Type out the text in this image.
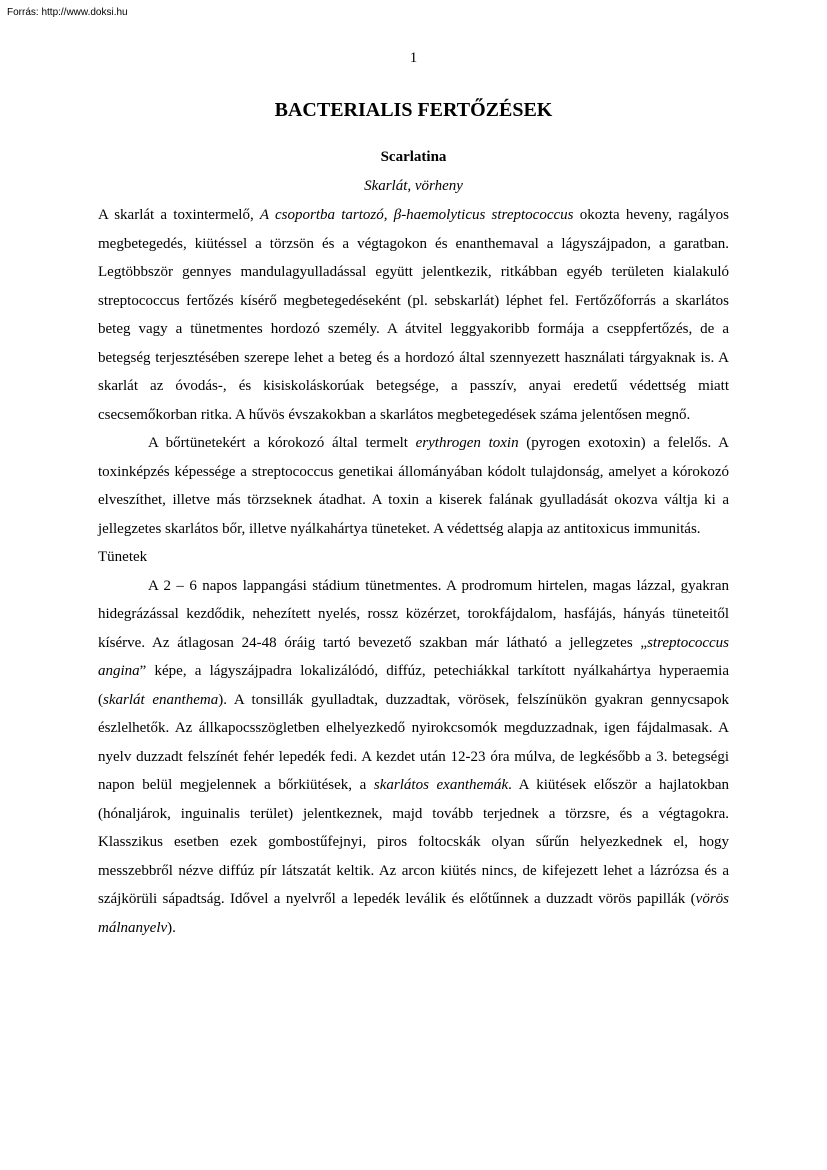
Forrás: http://www.doksi.hu
1
BACTERIALIS FERTŐZÉSEK
Scarlatina
Skarlát, vörheny

A skarlát a toxintermelő, A csoportba tartozó, β-haemolyticus streptococcus okozta heveny, ragályos megbetegedés, kiütéssel a törzsön és a végtagokon és enanthemaval a lágyszájpadon, a garatban. Legtöbbször gennyes mandulagyulladással együtt jelentkezik, ritkábban egyéb területen kialakuló streptococcus fertőzés kísérő megbetegedéseként (pl. sebskarlát) léphet fel. Fertőzőforrás a skarlátos beteg vagy a tünetmentes hordozó személy. A átvitel leggyakoribb formája a cseppfertőzés, de a betegség terjesztésében szerepe lehet a beteg és a hordozó által szennyezett használati tárgyaknak is. A skarlát az óvodás-, és kisiskoláskorúak betegsége, a passzív, anyai eredetű védettség miatt csecsemőkorban ritka. A hűvös évszakokban a skarlátos megbetegedések száma jelentősen megnő.

A bőrtünetekért a kórokozó által termelt erythrogen toxin (pyrogen exotoxin) a felelős. A toxinképzés képessége a streptococcus genetikai állományában kódolt tulajdonság, amelyet a kórokozó elveszíthet, illetve más törzseknek átadhat. A toxin a kiserek falának gyulladását okozva váltja ki a jellegzetes skarlátos bőr, illetve nyálkahártya tüneteket. A védettség alapja az antitoxicus immunitás.

Tünetek

A 2 – 6 napos lappangási stádium tünetmentes. A prodromum hirtelen, magas lázzal, gyakran hidegrázással kezdődik, nehezített nyelés, rossz közérzet, torokfájdalom, hasfájás, hányás tüneteitől kísérve. Az átlagosan 24-48 óráig tartó bevezető szakban már látható a jellegzetes „streptococcus angina” képe, a lágyszájpadra lokalizálódó, diffúz, petechiákkal tarkított nyálkahártya hyperaemia (skarlát enanthema). A tonsillák gyulladtak, duzzadtak, vörösek, felszínükön gyakran gennycsapok észlelhetők. Az állkapocsszögletben elhelyezkedő nyirokcsomók megduzzadnak, igen fájdalmasak. A nyelv duzzadt felszínét fehér lepedék fedi. A kezdet után 12-23 óra múlva, de legkésőbb a 3. betegségi napon belül megjelennek a bőrkiütések, a skarlátos exanthemák. A kiütések először a hajlatokban (hónaljárok, inguinalis terület) jelentkeznek, majd tovább terjednek a törzsre, és a végtagokra. Klasszikus esetben ezek gombostűfejnyi, piros foltocskák olyan sűrűn helyezkednek el, hogy messzebbről nézve diffúz pír látszatát keltik. Az arcon kiütés nincs, de kifejezett lehet a lázrózsa és a szájkörüli sápadtság. Idővel a nyelvről a lepedék leválik és előtűnnek a duzzadt vörös papillák (vörös málnanyelv).
